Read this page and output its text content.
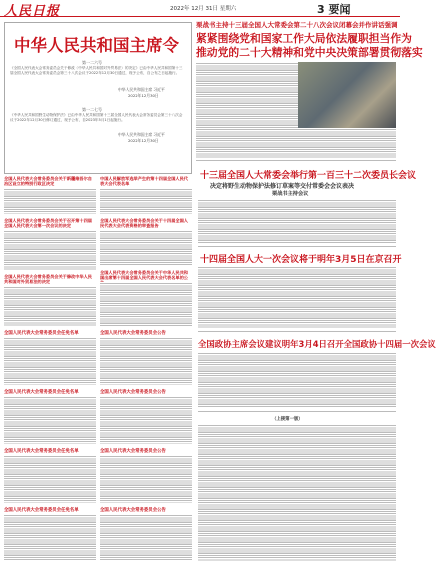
人民日报	2022年 12月 31日 星期六	3 要闻
中华人民共和国主席令
第一二六号
《全国人民代表大会常务委员会关于修改〈中华人民共和国对外贸易法〉的决定》已由中华人民共和国第十三届全国人民代表大会常务委员会第三十八次会议于2022年12月30日通过，现予公布，自公布之日起施行。
中华人民共和国主席 习近平
2022年12月30日
第一二七号
《中华人民共和国野生动物保护法》已由中华人民共和国第十三届全国人民代表大会常务委员会第三十八次会议于2022年12月30日修订通过，现予公布，自2023年5月1日起施行。
中华人民共和国主席 习近平
2022年12月30日
栗战书主持十三届全国人大常委会第二十八次会议闭幕会并作讲话强调
紧紧围绕党和国家工作大局依法履职担当作为
推动党的二十大精神和党中央决策部署贯彻落实
全国人民代表大会常务委员会关于新疆维吾尔自治区设立的特别行政区决定
全国人民代表大会常务委员会关于召开第十四届全国人民代表大会第一次会议的决定
全国人民代表大会常务委员会关于修改中华人民共和国对外贸易法的决定
全国人民代表大会常务委员会任免名单
全国人民代表大会常务委员会任免名单
全国人民代表大会常务委员会任免名单
全国人民代表大会常务委员会任免名单
中国人民解放军选举产生的第十四届全国人民代表大会代表名单
全国人民代表大会常务委员会关于十四届全国人民代表大会代表资格的审查报告
全国人民代表大会常务委员会关于中华人民共和国出席第十四届全国人民代表大会代表名单的公
全国人民代表大会常务委员会公告
全国人民代表大会常务委员会公告
全国人民代表大会常务委员会公告
全国人民代表大会常务委员会公告
十三届全国人大常委会举行第一百三十二次委员长会议
决定将野生动物保护法修订草案等交付常委会会议表决
栗战书主持会议
十四届全国人大一次会议将于明年3月5日在京召开
全国政协主席会议建议明年3月4日召开全国政协十四届一次会议
（上接第一版）
